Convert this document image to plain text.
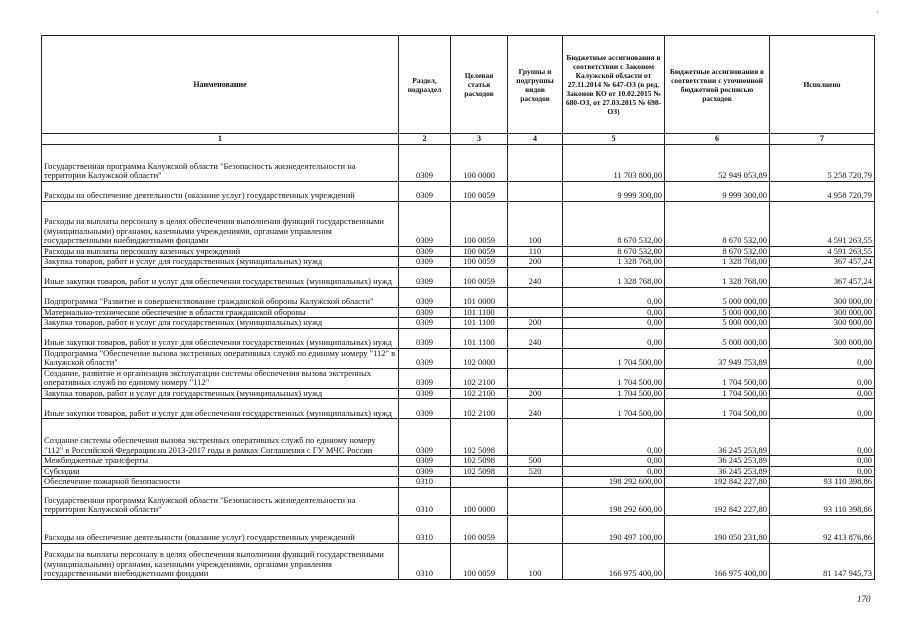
Наименование	Раздел, подраздел	Целевая статья расходов	Группы и подгруппы видов расходов	Бюджетные ассигнования в соответствии с Законом Калужской области от 27.11.2014 № 647-ОЗ (в ред. Законов КО от 10.02.2015 № 680-ОЗ, от 27.03.2015 № 698-ОЗ)	Бюджетные ассигнования в соответствии с уточненной бюджетной росписью расходов	Исполнено
1	2	3	4	5	6	7
Государственная программа Калужской области "Безопасность жизнедеятельности на территории Калужской области"	0309	100 0000		11 703 800,00	52 949 053,89	5 258 720,79
Расходы на обеспечение деятельности (оказание услуг) государственных учреждений	0309	100 0059		9 999 300,00	9 999 300,00	4 958 720,79
Расходы на выплаты персоналу в целях обеспечения выполнения функций государственными (муниципальными) органами, казенными учреждениями, органами управления государственными внебюджетными фондами	0309	100 0059	100	8 670 532,00	8 670 532,00	4 591 263,55
Расходы на выплаты персоналу казенных учреждений	0309	100 0059	110	8 670 532,00	8 670 532,00	4 591 263,55
Закупка товаров, работ и услуг для государственных (муниципальных) нужд	0309	100 0059	200	1 328 768,00	1 328 768,00	367 457,24
Иные закупки товаров, работ и услуг для обеспечения государственных (муниципальных) нужд	0309	100 0059	240	1 328 768,00	1 328 768,00	367 457,24
Подпрограмма "Развитие и совершенствование гражданской обороны Калужской области"	0309	101 0000		0,00	5 000 000,00	300 000,00
Материально-техническое обеспечение в области гражданской обороны	0309	101 1100		0,00	5 000 000,00	300 000,00
Закупка товаров, работ и услуг для государственных (муниципальных) нужд	0309	101 1100	200	0,00	5 000 000,00	300 000,00
Иные закупки товаров, работ и услуг для обеспечения государственных (муниципальных) нужд	0309	101 1100	240	0,00	5 000 000,00	300 000,00
Подпрограмма "Обеспечение вызова экстренных оперативных служб по единому номеру "112" в Калужской области"	0309	102 0000		1 704 500,00	37 949 753,89	0,00
Создание, развитие и организация эксплуатации системы обеспечения вызова экстренных оперативных служб по единому номеру "112"	0309	102 2100		1 704 500,00	1 704 500,00	0,00
Закупка товаров, работ и услуг для государственных (муниципальных) нужд	0309	102 2100	200	1 704 500,00	1 704 500,00	0,00
Иные закупки товаров, работ и услуг для обеспечения государственных (муниципальных) нужд	0309	102 2100	240	1 704 500,00	1 704 500,00	0,00
Создание системы обеспечения вызова экстренных оперативных служб по единому номеру "112" в Российской Федерации на 2013-2017 годы в рамках Соглашения с ГУ МЧС России	0309	102 5098		0,00	36 245 253,89	0,00
Межбюджетные трансферты	0309	102 5098	500	0,00	36 245 253,89	0,00
Субсидии	0309	102 5098	520	0,00	36 245 253,89	0,00
Обеспечение пожарной безопасности	0310			198 292 600,00	192 842 227,80	93 110 398,86
Государственная программа Калужской области "Безопасность жизнедеятельности на территории Калужской области"	0310	100 0000		198 292 600,00	192 842 227,80	93 110 398,86
Расходы на обеспечение деятельности (оказание услуг) государственных учреждений	0310	100 0059		190 497 100,00	190 050 231,80	92 413 876,86
Расходы на выплаты персоналу в целях обеспечения выполнения функций государственными (муниципальными) органами, казенными учреждениями, органами управления государственными внебюджетными фондами	0310	100 0059	100	166 975 400,00	166 975 400,00	81 147 945,73
170
'
'
